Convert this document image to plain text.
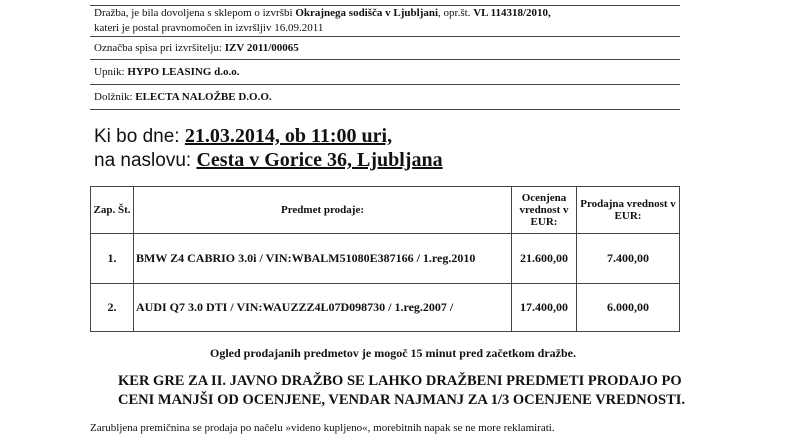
Dražba, je bila dovoljena s sklepom o izvršbi Okrajnega sodišča v Ljubljani, opr.št. VL 114318/2010,
kateri je postal pravnomočen in izvršljiv 16.09.2011
Označba spisa pri izvršitelju: IZV 2011/00065
Upnik: HYPO LEASING d.o.o.
Dolžnik: ELECTA NALOŽBE D.O.O.
Ki bo dne: 21.03.2014, ob 11:00 uri,
na naslovu: Cesta v Gorice 36, Ljubljana
Zap. Št.	Predmet prodaje:	Ocenjena vrednost v EUR:	Prodajna vrednost v EUR:
1.	BMW Z4 CABRIO 3.0i / VIN:WBALM51080E387166 / 1.reg.2010	21.600,00	7.400,00
2.	AUDI Q7 3.0 DTI / VIN:WAUZZZ4L07D098730 / 1.reg.2007 /	17.400,00	6.000,00
Ogled prodajanih predmetov je mogoč 15 minut pred začetkom dražbe.
KER GRE ZA II. JAVNO DRAŽBO SE LAHKO DRAŽBENI PREDMETI PRODAJO PO
CENI MANJŠI OD OCENJENE, VENDAR NAJMANJ ZA 1/3 OCENJENE VREDNOSTI.
Zarubljena premičnina se prodaja po načelu »videno kupljeno«, morebitnih napak se ne more reklamirati.
